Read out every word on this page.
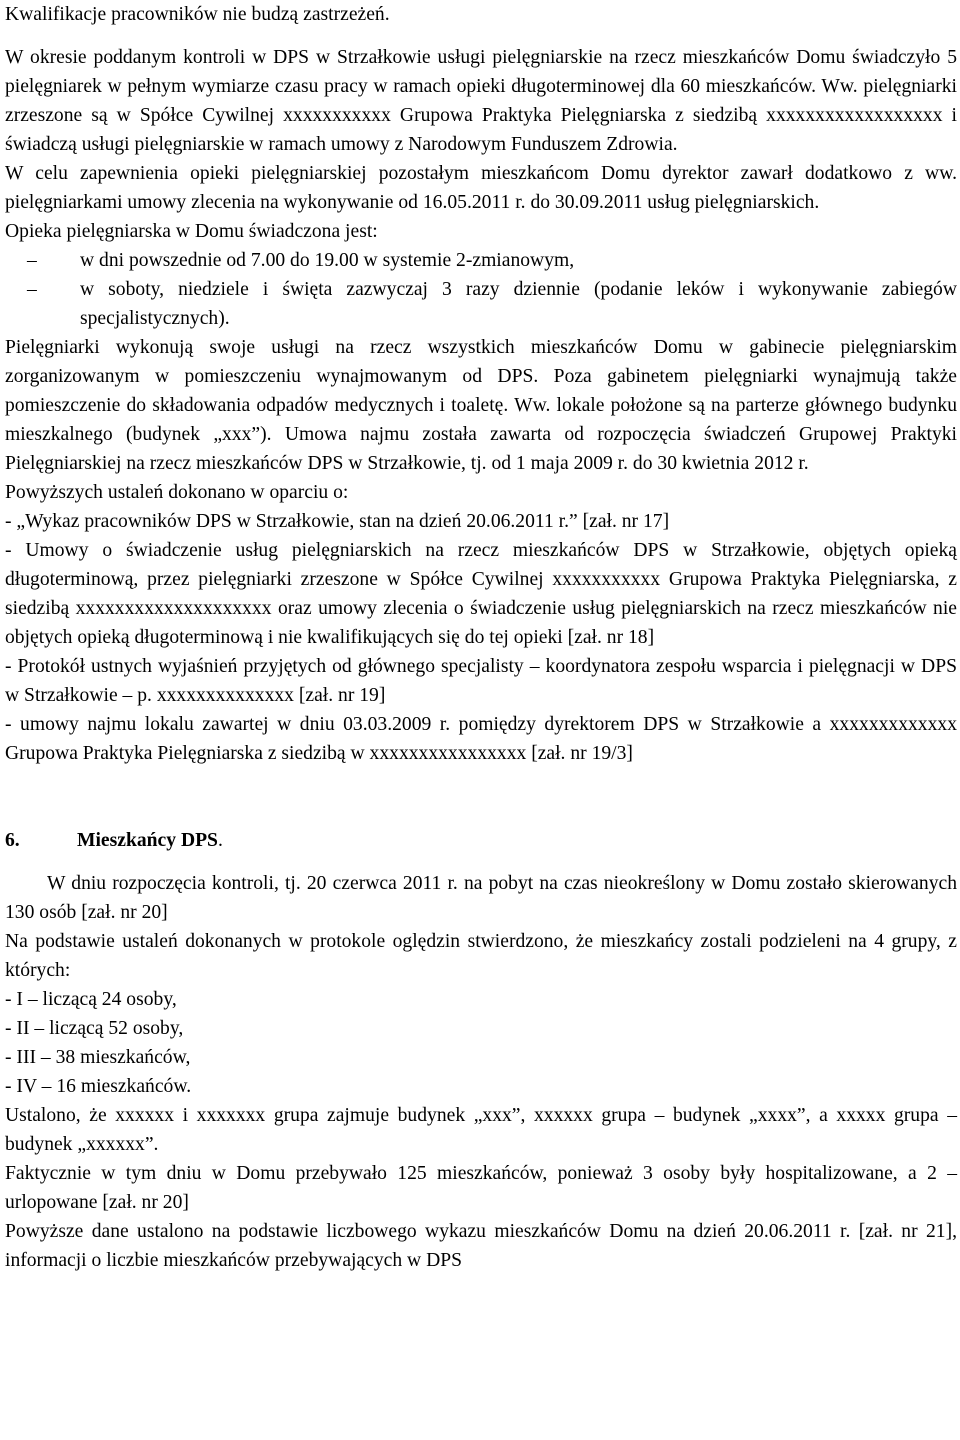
Kwalifikacje pracowników nie budzą zastrzeżeń.

W okresie poddanym kontroli w DPS w Strzałkowie usługi pielęgniarskie na rzecz mieszkańców Domu świadczyło 5 pielęgniarek w pełnym wymiarze czasu pracy w ramach opieki długoterminowej dla 60 mieszkańców. Ww. pielęgniarki zrzeszone są w Spółce Cywilnej xxxxxxxxxxx Grupowa Praktyka Pielęgniarska z siedzibą xxxxxxxxxxxxxxxxxx i świadczą usługi pielęgniarskie w ramach umowy z Narodowym Funduszem Zdrowia.

W celu zapewnienia opieki pielęgniarskiej pozostałym mieszkańcom Domu dyrektor zawarł dodatkowo z ww. pielęgniarkami umowy zlecenia na wykonywanie od 16.05.2011 r. do 30.09.2011 usług pielęgniarskich.

Opieka pielęgniarska w Domu świadczona jest:

– w dni powszednie od 7.00 do 19.00 w systemie 2-zmianowym,
– w soboty, niedziele i święta zazwyczaj 3 razy dziennie (podanie leków i wykonywanie zabiegów specjalistycznych).

Pielęgniarki wykonują swoje usługi na rzecz wszystkich mieszkańców Domu w gabinecie pielęgniarskim zorganizowanym w pomieszczeniu wynajmowanym od DPS. Poza gabinetem pielęgniarki wynajmują także pomieszczenie do składowania odpadów medycznych i toaletę. Ww. lokale położone są na parterze głównego budynku mieszkalnego (budynek „xxx”). Umowa najmu została zawarta od rozpoczęcia świadczeń Grupowej Praktyki Pielęgniarskiej na rzecz mieszkańców DPS w Strzałkowie, tj. od 1 maja 2009 r. do 30 kwietnia 2012 r.

Powyższych ustaleń dokonano w oparciu o:

- „Wykaz pracowników DPS w Strzałkowie, stan na dzień 20.06.2011 r.” [zał. nr 17]

- Umowy o świadczenie usług pielęgniarskich na rzecz mieszkańców DPS w Strzałkowie, objętych opieką długoterminową, przez pielęgniarki zrzeszone w Spółce Cywilnej xxxxxxxxxxx Grupowa Praktyka Pielęgniarska, z siedzibą xxxxxxxxxxxxxxxxxxxx oraz umowy zlecenia o świadczenie usług pielęgniarskich na rzecz mieszkańców nie objętych opieką długoterminową i nie kwalifikujących się do tej opieki [zał. nr 18]

- Protokół ustnych wyjaśnień przyjętych od głównego specjalisty – koordynatora zespołu wsparcia i pielęgnacji w DPS w Strzałkowie – p. xxxxxxxxxxxxxx [zał. nr 19]

- umowy najmu lokalu zawartej w dniu 03.03.2009 r. pomiędzy dyrektorem DPS w Strzałkowie a xxxxxxxxxxxxx Grupowa Praktyka Pielęgniarska z siedzibą w xxxxxxxxxxxxxxxx [zał. nr 19/3]

6.	Mieszkańcy DPS.

W dniu rozpoczęcia kontroli, tj. 20 czerwca 2011 r. na pobyt na czas nieokreślony w Domu zostało skierowanych 130 osób [zał. nr 20]

Na podstawie ustaleń dokonanych w protokole oględzin stwierdzono, że mieszkańcy zostali podzieleni na 4 grupy, z których:

- I – liczącą 24 osoby,

- II – liczącą 52 osoby,

- III – 38 mieszkańców,

- IV – 16 mieszkańców.

Ustalono, że xxxxxx i xxxxxxx grupa zajmuje budynek „xxx”, xxxxxx grupa – budynek „xxxx”, a xxxxx grupa – budynek „xxxxxx”.

Faktycznie w tym dniu w Domu przebywało 125 mieszkańców, ponieważ 3 osoby były hospitalizowane, a 2 – urlopowane [zał. nr 20]

Powyższe dane ustalono na podstawie liczbowego wykazu mieszkańców Domu na dzień 20.06.2011 r. [zał. nr 21], informacji o liczbie mieszkańców przebywających w DPS
